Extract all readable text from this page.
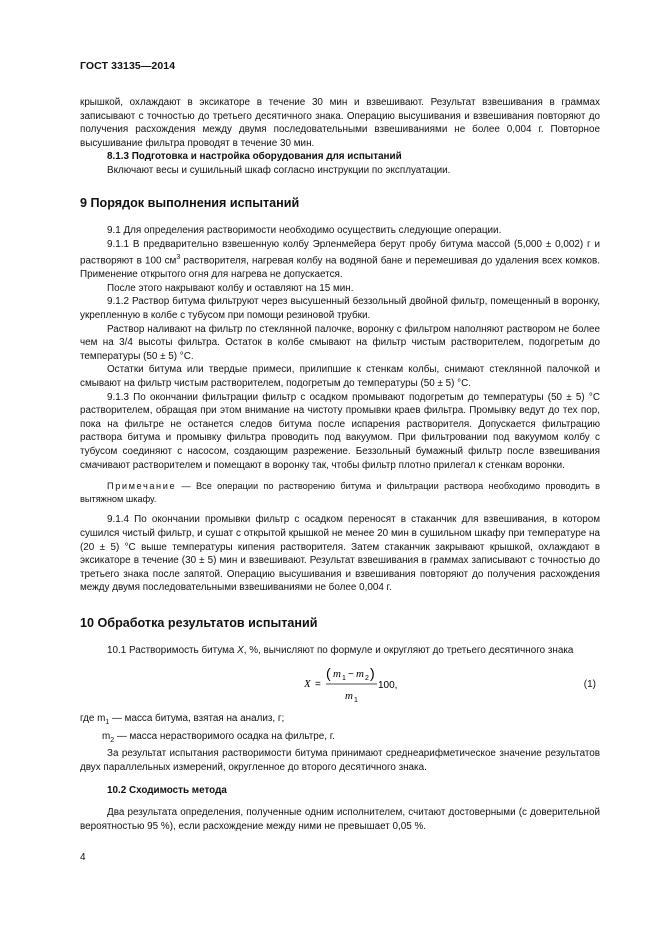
ГОСТ 33135—2014

крышкой, охлаждают в эксикаторе в течение 30 мин и взвешивают. Результат взвешивания в граммах записывают с точностью до третьего десятичного знака. Операцию высушивания и взвешивания повторяют до получения расхождения между двумя последовательными взвешиваниями не более 0,004 г. Повторное высушивание фильтра проводят в течение 30 мин.

8.1.3 Подготовка и настройка оборудования для испытаний

Включают весы и сушильный шкаф согласно инструкции по эксплуатации.

9 Порядок выполнения испытаний

9.1 Для определения растворимости необходимо осуществить следующие операции.

9.1.1 В предварительно взвешенную колбу Эрленмейера берут пробу битума массой (5,000 ± 0,002) г и растворяют в 100 $см^3$ растворителя, нагревая колбу на водяной бане и перемешивая до удаления всех комков. Применение открытого огня для нагрева не допускается.

После этого накрывают колбу и оставляют на 15 мин.

9.1.2 Раствор битума фильтруют через высушенный беззольный двойной фильтр, помещенный в воронку, укрепленную в колбе с тубусом при помощи резиновой трубки.

Раствор наливают на фильтр по стеклянной палочке, воронку с фильтром наполняют раствором не более чем на 3/4 высоты фильтра. Остаток в колбе смывают на фильтр чистым растворителем, подогретым до температуры (50 ± 5) °С.

Остатки битума или твердые примеси, прилипшие к стенкам колбы, снимают стеклянной палочкой и смывают на фильтр чистым растворителем, подогретым до температуры (50 ± 5) °С.

9.1.3 По окончании фильтрации фильтр с осадком промывают подогретым до температуры (50 ± 5) °С растворителем, обращая при этом внимание на чистоту промывки краев фильтра. Промывку ведут до тех пор, пока на фильтре не останется следов битума после испарения растворителя. Допускается фильтрацию раствора битума и промывку фильтра проводить под вакуумом. При фильтровании под вакуумом колбу с тубусом соединяют с насосом, создающим разрежение. Беззольный бумажный фильтр после взвешивания смачивают растворителем и помещают в воронку так, чтобы фильтр плотно прилегал к стенкам воронки.

Примечание — Все операции по растворению битума и фильтрации раствора необходимо проводить в вытяжном шкафу.

9.1.4 По окончании промывки фильтр с осадком переносят в стаканчик для взвешивания, в котором сушился чистый фильтр, и сушат с открытой крышкой не менее 20 мин в сушильном шкафу при температуре на (20 ± 5) °С выше температуры кипения растворителя. Затем стаканчик закрывают крышкой, охлаждают в эксикаторе в течение (30 ± 5) мин и взвешивают. Результат взвешивания в граммах записывают с точностью до третьего знака после запятой. Операцию высушивания и взвешивания повторяют до получения расхождения между двумя последовательными взвешиваниями не более 0,004 г.

10 Обработка результатов испытаний

10.1 Растворимость битума X, %, вычисляют по формуле и округляют до третьего десятичного знака

X =
( m 1 − m 2 )
m 1
100,	(1)

где $m_1$ — масса битума, взятая на анализ, г;

$m_2$ — масса нерастворимого осадка на фильтре, г.

За результат испытания растворимости битума принимают среднеарифметическое значение результатов двух параллельных измерений, округленное до второго десятичного знака.

10.2 Сходимость метода

Два результата определения, полученные одним исполнителем, считают достоверными (с доверительной вероятностью 95 %), если расхождение между ними не превышает 0,05 %.

4
